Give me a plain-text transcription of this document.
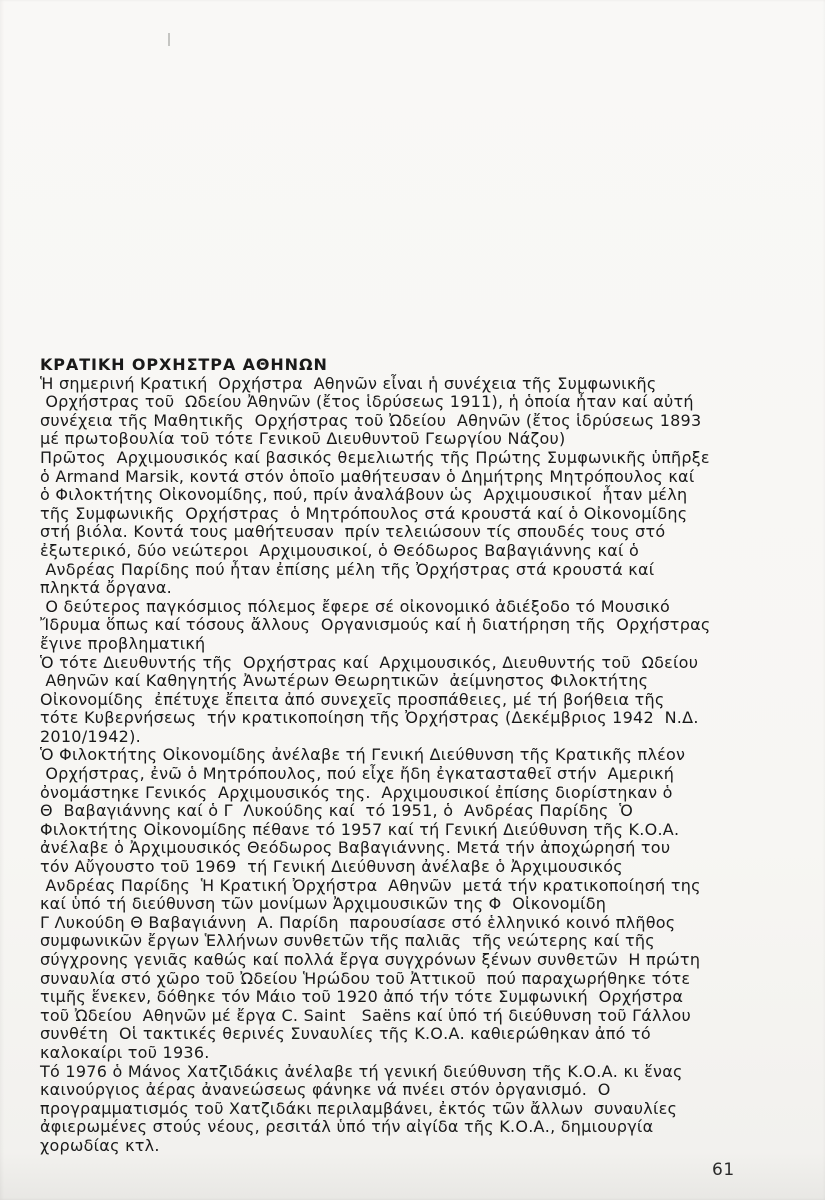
ΚΡΑΤΙΚΗ ΟΡΧΗΣΤΡΑ ΑΘΗΝΩΝ
Ἡ σημερινή Κρατική  Ορχήστρα  Αθηνῶν εἶναι ἡ συνέχεια τῆς Συμφωνικῆς
Ορχήστρας τοῦ  Ωδείου Ἀθηνῶν (ἔτος ἱδρύσεως 1911), ἡ ὁποία ἦταν καί αὐτή
συνέχεια τῆς Μαθητικῆς  Ορχήστρας τοῦ Ὠδείου  Αθηνῶν (ἔτος ἱδρύσεως 1893
μέ πρωτοβουλία τοῦ τότε Γενικοῦ Διευθυντοῦ Γεωργίου Νάζου)
Πρῶτος  Αρχιμουσικός καί βασικός θεμελιωτής τῆς Πρώτης Συμφωνικῆς ὑπῆρξε
ὁ Armand Marsik, κοντά στόν ὁποῖο μαθήτευσαν ὁ Δημήτρης Μητρόπουλος καί
ὁ Φιλοκτήτης Οἰκονομίδης, πού, πρίν ἀναλάβουν ὡς  Αρχιμουσικοί  ἦταν μέλη
τῆς Συμφωνικῆς  Ορχήστρας  ὁ Μητρόπουλος στά κρουστά καί ὁ Οἰκονομίδης
στή βιόλα. Κοντά τους μαθήτευσαν  πρίν τελειώσουν τίς σπουδές τους στό
ἐξωτερικό, δύο νεώτεροι  Αρχιμουσικοί, ὁ Θεόδωρος Βαβαγιάννης καί ὁ
Ανδρέας Παρίδης πού ἦταν ἐπίσης μέλη τῆς Ὀρχήστρας στά κρουστά καί
πληκτά ὄργανα.
Ο δεύτερος παγκόσμιος πόλεμος ἔφερε σέ οἰκονομικό ἀδιέξοδο τό Μουσικό
Ἴδρυμα ὅπως καί τόσους ἄλλους  Οργανισμούς καί ἡ διατήρηση τῆς  Ορχήστρας
ἔγινε προβληματική
Ὁ τότε Διευθυντής τῆς  Ορχήστρας καί  Αρχιμουσικός, Διευθυντής τοῦ  Ωδείου
Αθηνῶν καί Καθηγητής Ἀνωτέρων Θεωρητικῶν  ἀείμνηστος Φιλοκτήτης
Οἰκονομίδης  ἐπέτυχε ἔπειτα ἀπό συνεχεῖς προσπάθειες, μέ τή βοήθεια τῆς
τότε Κυβερνήσεως  τήν κρατικοποίηση τῆς Ὀρχήστρας (Δεκέμβριος 1942  Ν.Δ.
2010/1942).
Ὁ Φιλοκτήτης Οἰκονομίδης ἀνέλαβε τή Γενική Διεύθυνση τῆς Κρατικῆς πλέον
Ορχήστρας, ἐνῶ ὁ Μητρόπουλος, πού εἶχε ἤδη ἐγκατασταθεῖ στήν  Αμερική
ὀνομάστηκε Γενικός  Αρχιμουσικός της.  Αρχιμουσικοί ἐπίσης διορίστηκαν ὁ
Θ  Βαβαγιάννης καί ὁ Γ  Λυκούδης καί  τό 1951, ὁ  Ανδρέας Παρίδης  Ὁ
Φιλοκτήτης Οἰκονομίδης πέθανε τό 1957 καί τή Γενική Διεύθυνση τῆς Κ.Ο.Α.
ἀνέλαβε ὁ Ἀρχιμουσικός Θεόδωρος Βαβαγιάννης. Μετά τήν ἀποχώρησή του
τόν Αὔγουστο τοῦ 1969  τή Γενική Διεύθυνση ἀνέλαβε ὁ Ἀρχιμουσικός
Ανδρέας Παρίδης  Ἡ Κρατική Ὀρχήστρα  Αθηνῶν  μετά τήν κρατικοποίησή της
καί ὑπό τή διεύθυνση τῶν μονίμων Ἀρχιμουσικῶν της Φ  Οἰκονομίδη
Γ Λυκούδη Θ Βαβαγιάννη  Α. Παρίδη  παρουσίασε στό ἑλληνικό κοινό πλῆθος
συμφωνικῶν ἔργων Ἑλλήνων συνθετῶν τῆς παλιᾶς  τῆς νεώτερης καί τῆς
σύγχρονης γενιᾶς καθώς καί πολλά ἔργα συγχρόνων ξένων συνθετῶν  Η πρώτη
συναυλία στό χῶρο τοῦ Ὠδείου Ἡρώδου τοῦ Ἀττικοῦ  πού παραχωρήθηκε τότε
τιμῆς ἕνεκεν, δόθηκε τόν Μάιο τοῦ 1920 ἀπό τήν τότε Συμφωνική  Ορχήστρα
τοῦ Ὠδείου  Αθηνῶν μέ ἔργα C. Saint   Saëns καί ὑπό τή διεύθυνση τοῦ Γάλλου
συνθέτη  Οἱ τακτικές θερινές Συναυλίες τῆς Κ.Ο.Α. καθιερώθηκαν ἀπό τό
καλοκαίρι τοῦ 1936.
Τό 1976 ὁ Μάνος Χατζιδάκις ἀνέλαβε τή γενική διεύθυνση τῆς Κ.Ο.Α. κι ἕνας
καινούργιος ἀέρας ἀνανεώσεως φάνηκε νά πνέει στόν ὀργανισμό.  Ο
προγραμματισμός τοῦ Χατζιδάκι περιλαμβάνει, ἐκτός τῶν ἄλλων  συναυλίες
ἀφιερωμένες στούς νέους, ρεσιτάλ ὑπό τήν αἰγίδα τῆς Κ.Ο.Α., δημιουργία
χορωδίας κτλ.
61
